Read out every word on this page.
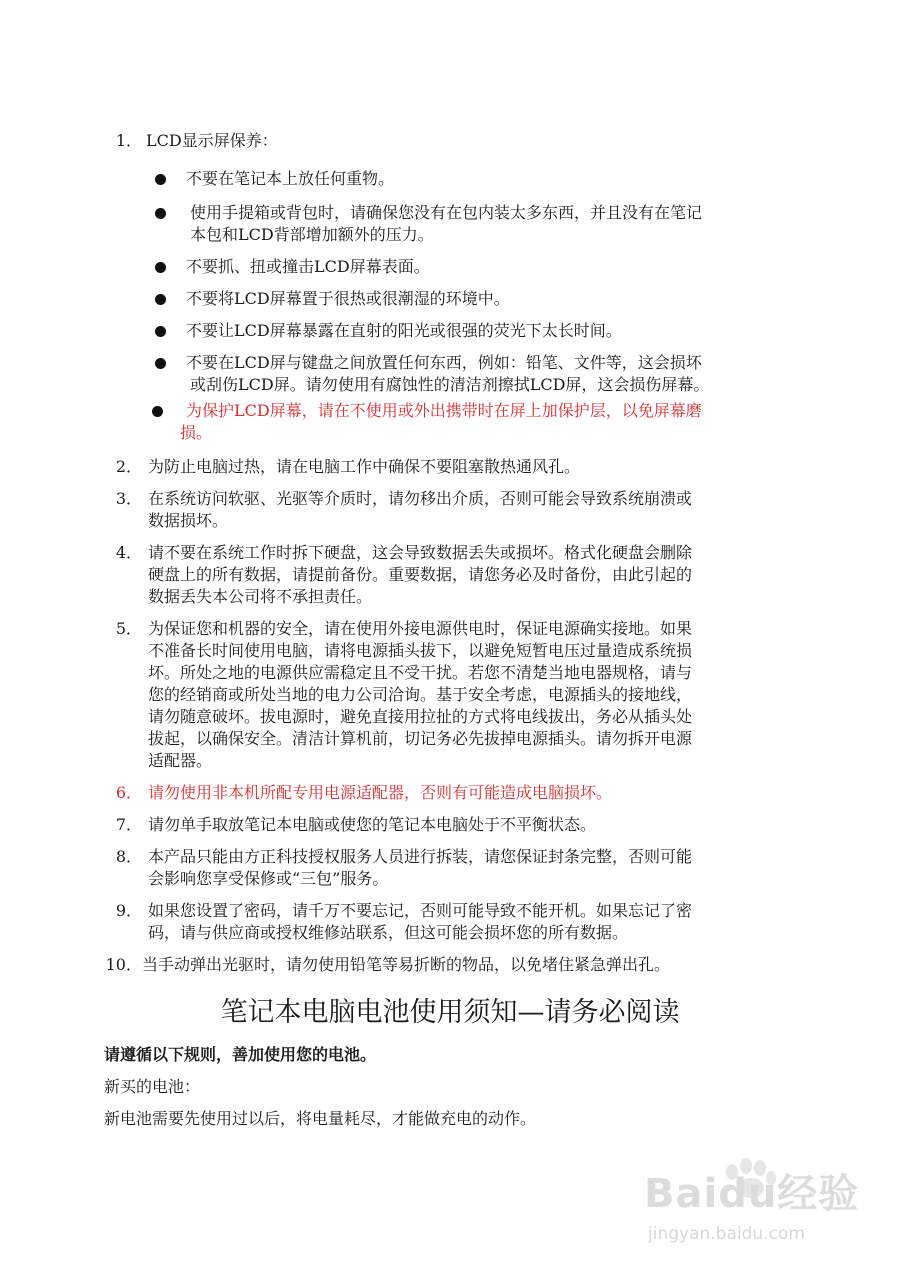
1． LCD显示屏保养：
不要在笔记本上放任何重物。
使用手提箱或背包时，请确保您没有在包内装太多东西，并且没有在笔记
本包和LCD背部增加额外的压力。
不要抓、扭或撞击LCD屏幕表面。
不要将LCD屏幕置于很热或很潮湿的环境中。
不要让LCD屏幕暴露在直射的阳光或很强的荧光下太长时间。
不要在LCD屏与键盘之间放置任何东西，例如：铅笔、文件等，这会损坏
或刮伤LCD屏。请勿使用有腐蚀性的清洁剂擦拭LCD屏，这会损伤屏幕。
为保护LCD屏幕，请在不使用或外出携带时在屏上加保护层，以免屏幕磨
损。
2． 为防止电脑过热，请在电脑工作中确保不要阻塞散热通风孔。
3． 在系统访问软驱、光驱等介质时，请勿移出介质，否则可能会导致系统崩溃或
数据损坏。
4． 请不要在系统工作时拆下硬盘，这会导致数据丢失或损坏。格式化硬盘会删除
硬盘上的所有数据，请提前备份。重要数据，请您务必及时备份，由此引起的
数据丢失本公司将不承担责任。
5． 为保证您和机器的安全，请在使用外接电源供电时，保证电源确实接地。如果
不准备长时间使用电脑，请将电源插头拔下，以避免短暂电压过量造成系统损
坏。所处之地的电源供应需稳定且不受干扰。若您不清楚当地电器规格，请与
您的经销商或所处当地的电力公司洽询。基于安全考虑，电源插头的接地线，
请勿随意破坏。拔电源时，避免直接用拉扯的方式将电线拔出，务必从插头处
拔起，以确保安全。清洁计算机前，切记务必先拔掉电源插头。请勿拆开电源
适配器。
6． 请勿使用非本机所配专用电源适配器，否则有可能造成电脑损坏。
7． 请勿单手取放笔记本电脑或使您的笔记本电脑处于不平衡状态。
8． 本产品只能由方正科技授权服务人员进行拆装，请您保证封条完整，否则可能
会影响您享受保修或“三包”服务。
9． 如果您设置了密码，请千万不要忘记，否则可能导致不能开机。如果忘记了密
码，请与供应商或授权维修站联系，但这可能会损坏您的所有数据。
10． 当手动弹出光驱时，请勿使用铅笔等易折断的物品，以免堵住紧急弹出孔。
笔记本电脑电池使用须知—请务必阅读
请遵循以下规则，善加使用您的电池。
新买的电池：
新电池需要先使用过以后，将电量耗尽，才能做充电的动作。
Baidu经验
jingyan.baidu.com
